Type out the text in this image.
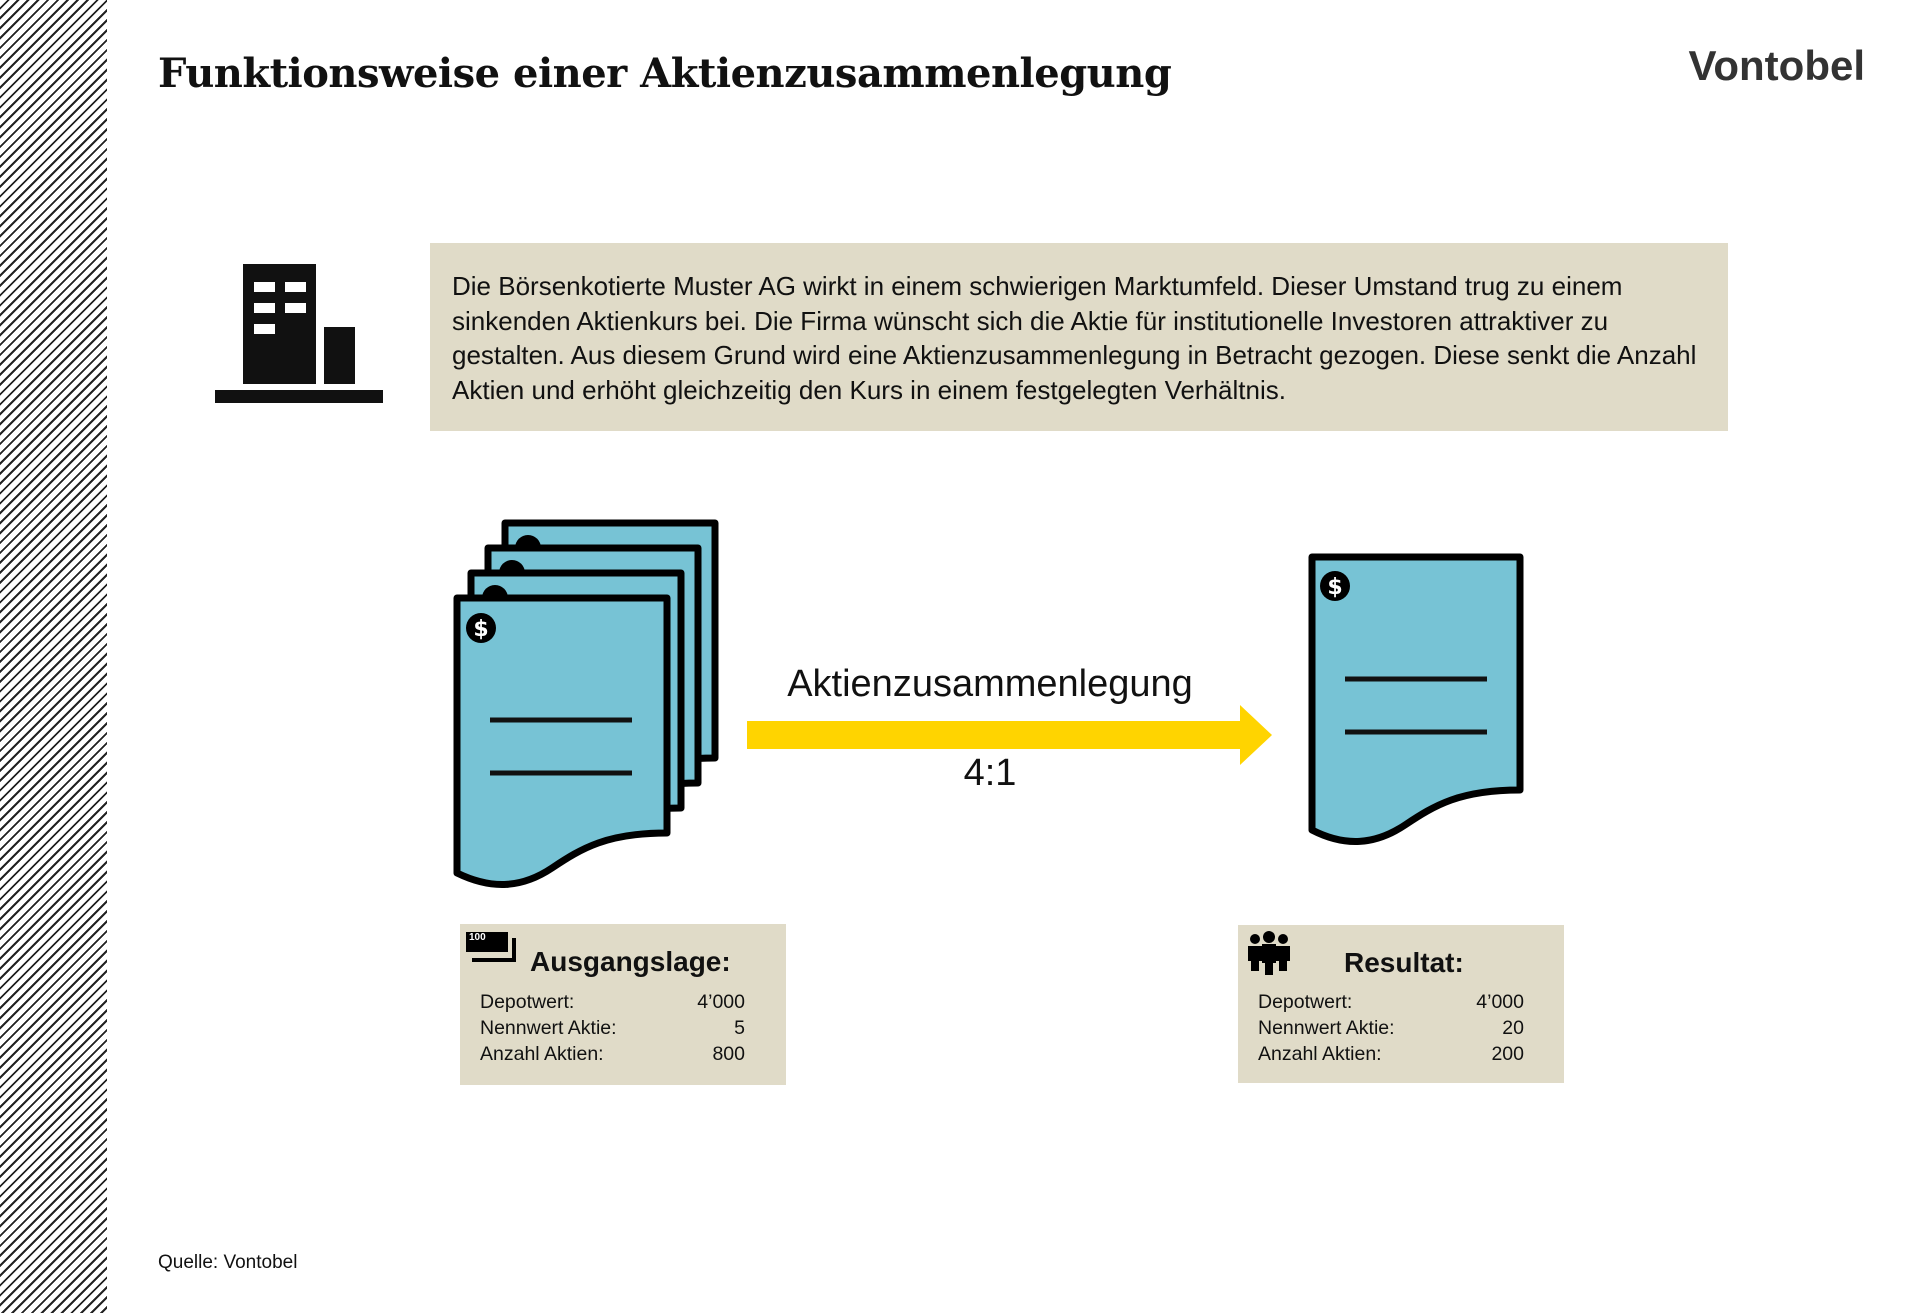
Funktionsweise einer Aktienzusammenlegung	Vontobel
$
$
Die Börsenkotierte Muster AG wirkt in einem schwierigen Marktumfeld. Dieser Umstand trug zu einem sinkenden Aktienkurs bei. Die Firma wünscht sich die Aktie für institutionelle Investoren attraktiver zu gestalten. Aus diesem Grund wird eine Aktienzusammenlegung in Betracht gezogen. Diese senkt die Anzahl Aktien und erhöht gleichzeitig den Kurs in einem festgelegten Verhältnis.
Aktienzusammenlegung
4:1
100
Ausgangslage:
Depotwert:	4’000
Nennwert Aktie:	5
Anzahl Aktien:	800
Resultat:
Depotwert:	4’000
Nennwert Aktie:	20
Anzahl Aktien:	200
Quelle: Vontobel
